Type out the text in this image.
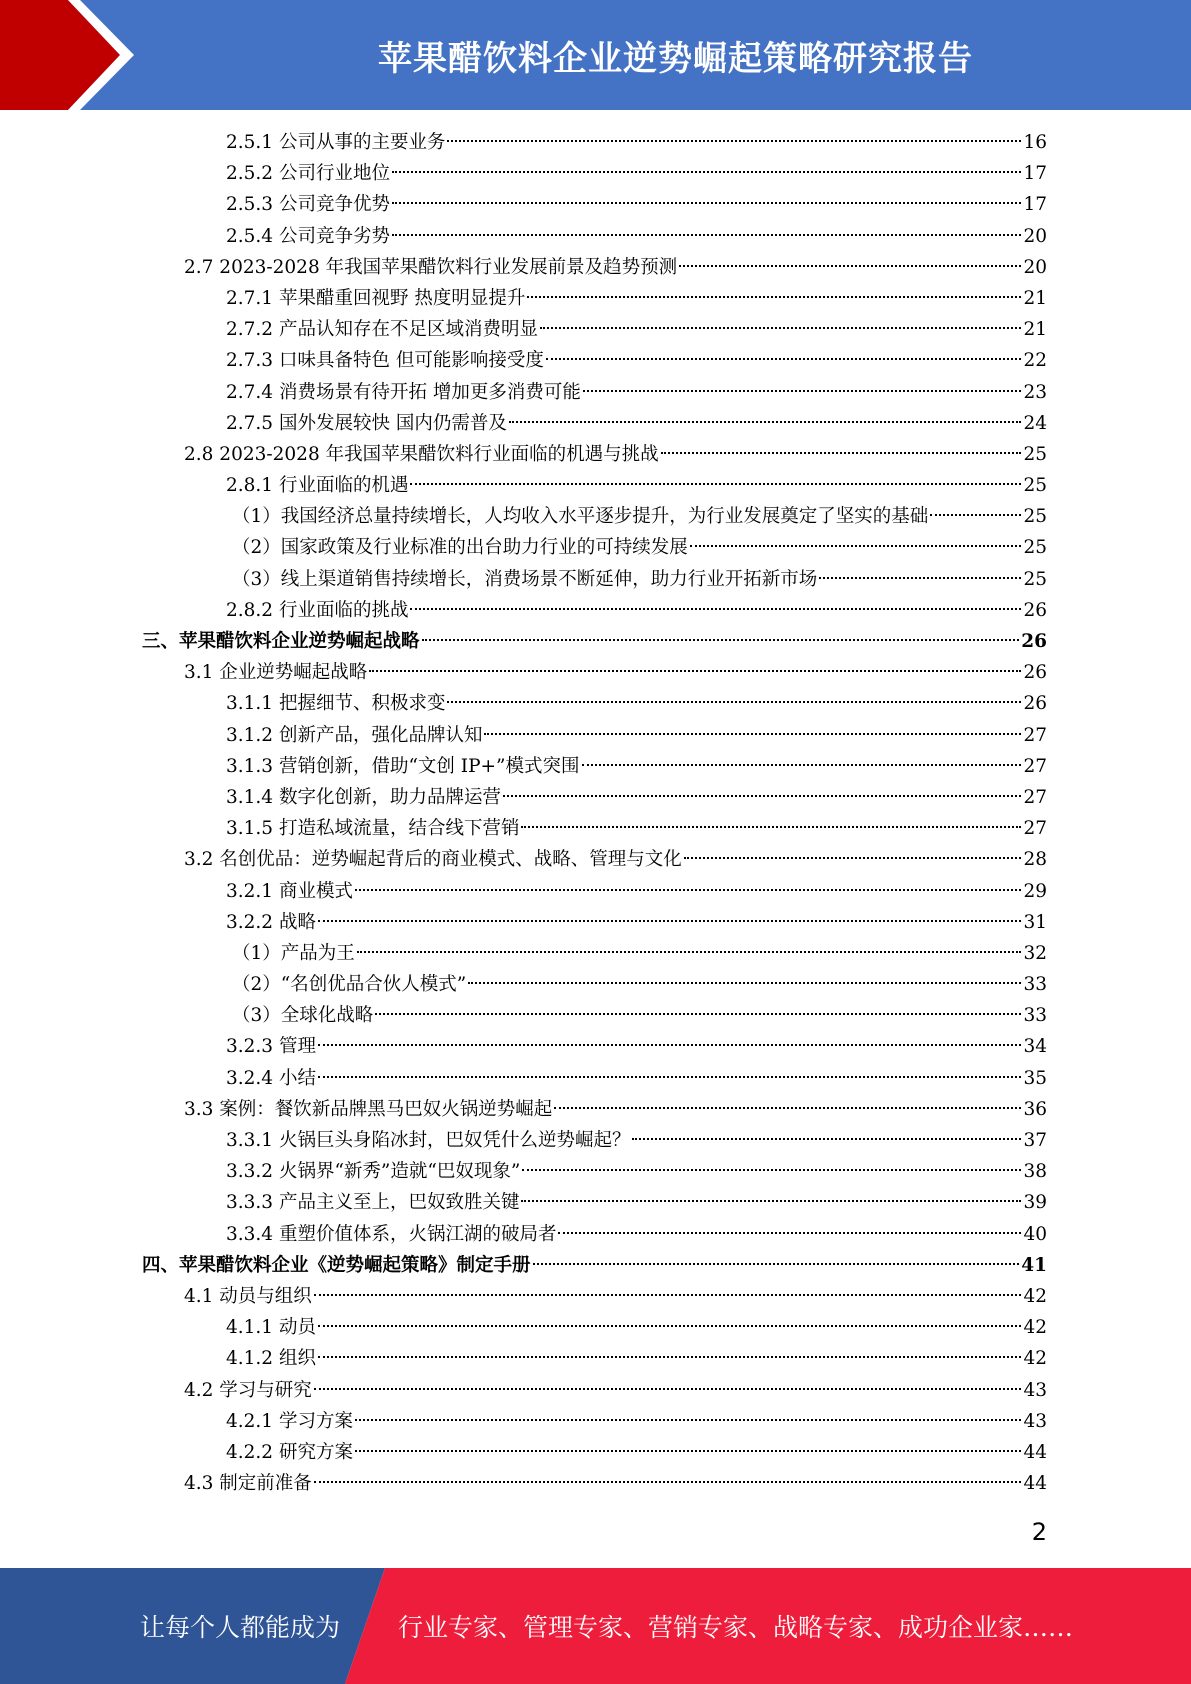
苹果醋饮料企业逆势崛起策略研究报告
2.5.1 公司从事的主要业务	16
2.5.2 公司行业地位	17
2.5.3 公司竞争优势	17
2.5.4 公司竞争劣势	20
2.7 2023-2028 年我国苹果醋饮料行业发展前景及趋势预测	20
2.7.1 苹果醋重回视野 热度明显提升	21
2.7.2 产品认知存在不足区域消费明显	21
2.7.3 口味具备特色 但可能影响接受度	22
2.7.4 消费场景有待开拓 增加更多消费可能	23
2.7.5 国外发展较快 国内仍需普及	24
2.8 2023-2028 年我国苹果醋饮料行业面临的机遇与挑战	25
2.8.1 行业面临的机遇	25
（1）我国经济总量持续增长，人均收入水平逐步提升，为行业发展奠定了坚实的基础	25
（2）国家政策及行业标准的出台助力行业的可持续发展	25
（3）线上渠道销售持续增长，消费场景不断延伸，助力行业开拓新市场	25
2.8.2 行业面临的挑战	26
三、苹果醋饮料企业逆势崛起战略	26
3.1 企业逆势崛起战略	26
3.1.1 把握细节、积极求变	26
3.1.2 创新产品，强化品牌认知	27
3.1.3 营销创新，借助“文创 IP+”模式突围	27
3.1.4 数字化创新，助力品牌运营	27
3.1.5 打造私域流量，结合线下营销	27
3.2 名创优品：逆势崛起背后的商业模式、战略、管理与文化	28
3.2.1 商业模式	29
3.2.2 战略	31
（1）产品为王	32
（2）“名创优品合伙人模式”	33
（3）全球化战略	33
3.2.3 管理	34
3.2.4 小结	35
3.3 案例：餐饮新品牌黑马巴奴火锅逆势崛起	36
3.3.1 火锅巨头身陷冰封，巴奴凭什么逆势崛起？	37
3.3.2 火锅界“新秀”造就“巴奴现象”	38
3.3.3 产品主义至上，巴奴致胜关键	39
3.3.4 重塑价值体系，火锅江湖的破局者	40
四、苹果醋饮料企业《逆势崛起策略》制定手册	41
4.1 动员与组织	42
4.1.1 动员	42
4.1.2 组织	42
4.2 学习与研究	43
4.2.1 学习方案	43
4.2.2 研究方案	44
4.3 制定前准备	44
2
让每个人都能成为	行业专家、管理专家、营销专家、战略专家、成功企业家……
